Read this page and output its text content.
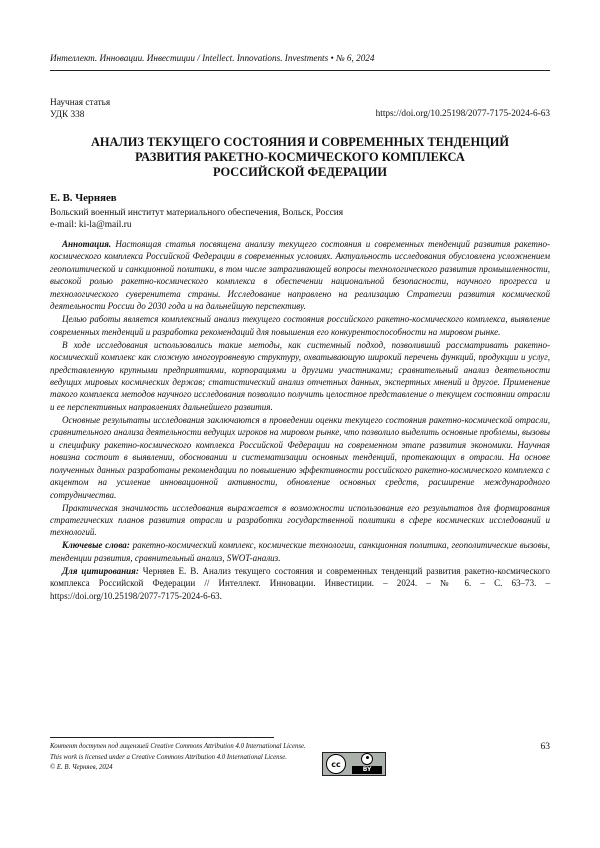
Интеллект. Инновации. Инвестиции / Intellect. Innovations. Investments • № 6, 2024
Научная статья
УДК 338	https://doi.org/10.25198/2077-7175-2024-6-63
АНАЛИЗ ТЕКУЩЕГО СОСТОЯНИЯ И СОВРЕМЕННЫХ ТЕНДЕНЦИЙ
РАЗВИТИЯ РАКЕТНО-КОСМИЧЕСКОГО КОМПЛЕКСА
РОССИЙСКОЙ ФЕДЕРАЦИИ
Е. В. Черняев
Вольский военный институт материального обеспечения, Вольск, Россия
e-mail: ki-la@mail.ru

Аннотация. Настоящая статья посвящена анализу текущего состояния и современных тенденций развития ракетно-космического комплекса Российской Федерации в современных условиях. Актуальность исследования обусловлена усложнением геополитической и санкционной политики, в том числе затрагивающей вопросы технологического развития промышленности, высокой ролью ракетно-космического комплекса в обеспечении национальной безопасности, научного прогресса и технологического суверенитета страны. Исследование направлено на реализацию Стратегии развития космической деятельности России до 2030 года и на дальнейшую перспективу.

Целью работы является комплексный анализ текущего состояния российского ракетно-космического комплекса, выявление современных тенденций и разработка рекомендаций для повышения его конкурентоспособности на мировом рынке.

В ходе исследования использовались такие методы, как системный подход, позволивший рассматривать ракетно-космический комплекс как сложную многоуровневую структуру, охватывающую широкий перечень функций, продукции и услуг, представленную крупными предприятиями, корпорациями и другими участниками; сравнительный анализ деятельности ведущих мировых космических держав; статистический анализ отчетных данных, экспертных мнений и другое. Применение такого комплекса методов научного исследования позволило получить целостное представление о текущем состоянии отрасли и ее перспективных направлениях дальнейшего развития.

Основные результаты исследования заключаются в проведении оценки текущего состояния ракетно-космической отрасли, сравнительного анализа деятельности ведущих игроков на мировом рынке, что позволило выделить основные проблемы, вызовы и специфику ракетно-космического комплекса Российской Федерации на современном этапе развития экономики. Научная новизна состоит в выявлении, обосновании и систематизации основных тенденций, протекающих в отрасли. На основе полученных данных разработаны рекомендации по повышению эффективности российского ракетно-космического комплекса с акцентом на усиление инновационной активности, обновление основных средств, расширение международного сотрудничества.

Практическая значимость исследования выражается в возможности использования его результатов для формирования стратегических планов развития отрасли и разработки государственной политики в сфере космических исследований и технологий.

Ключевые слова: ракетно-космический комплекс, космические технологии, санкционная политика, геополитические вызовы, тенденции развития, сравнительный анализ, SWOT-анализ.

Для цитирования: Черняев Е. В. Анализ текущего состояния и современных тенденций развития ракетно-космического комплекса Российской Федерации // Интеллект. Инновации. Инвестиции. – 2024. – № 6. – С. 63–73. – https://doi.org/10.25198/2077-7175-2024-6-63.

Контент доступен под лицензией Creative Commons Attribution 4.0 International License.
This work is licensed under a Creative Commons Attribution 4.0 International License.
© Е. В. Черняев, 2024	cc
BY
63
